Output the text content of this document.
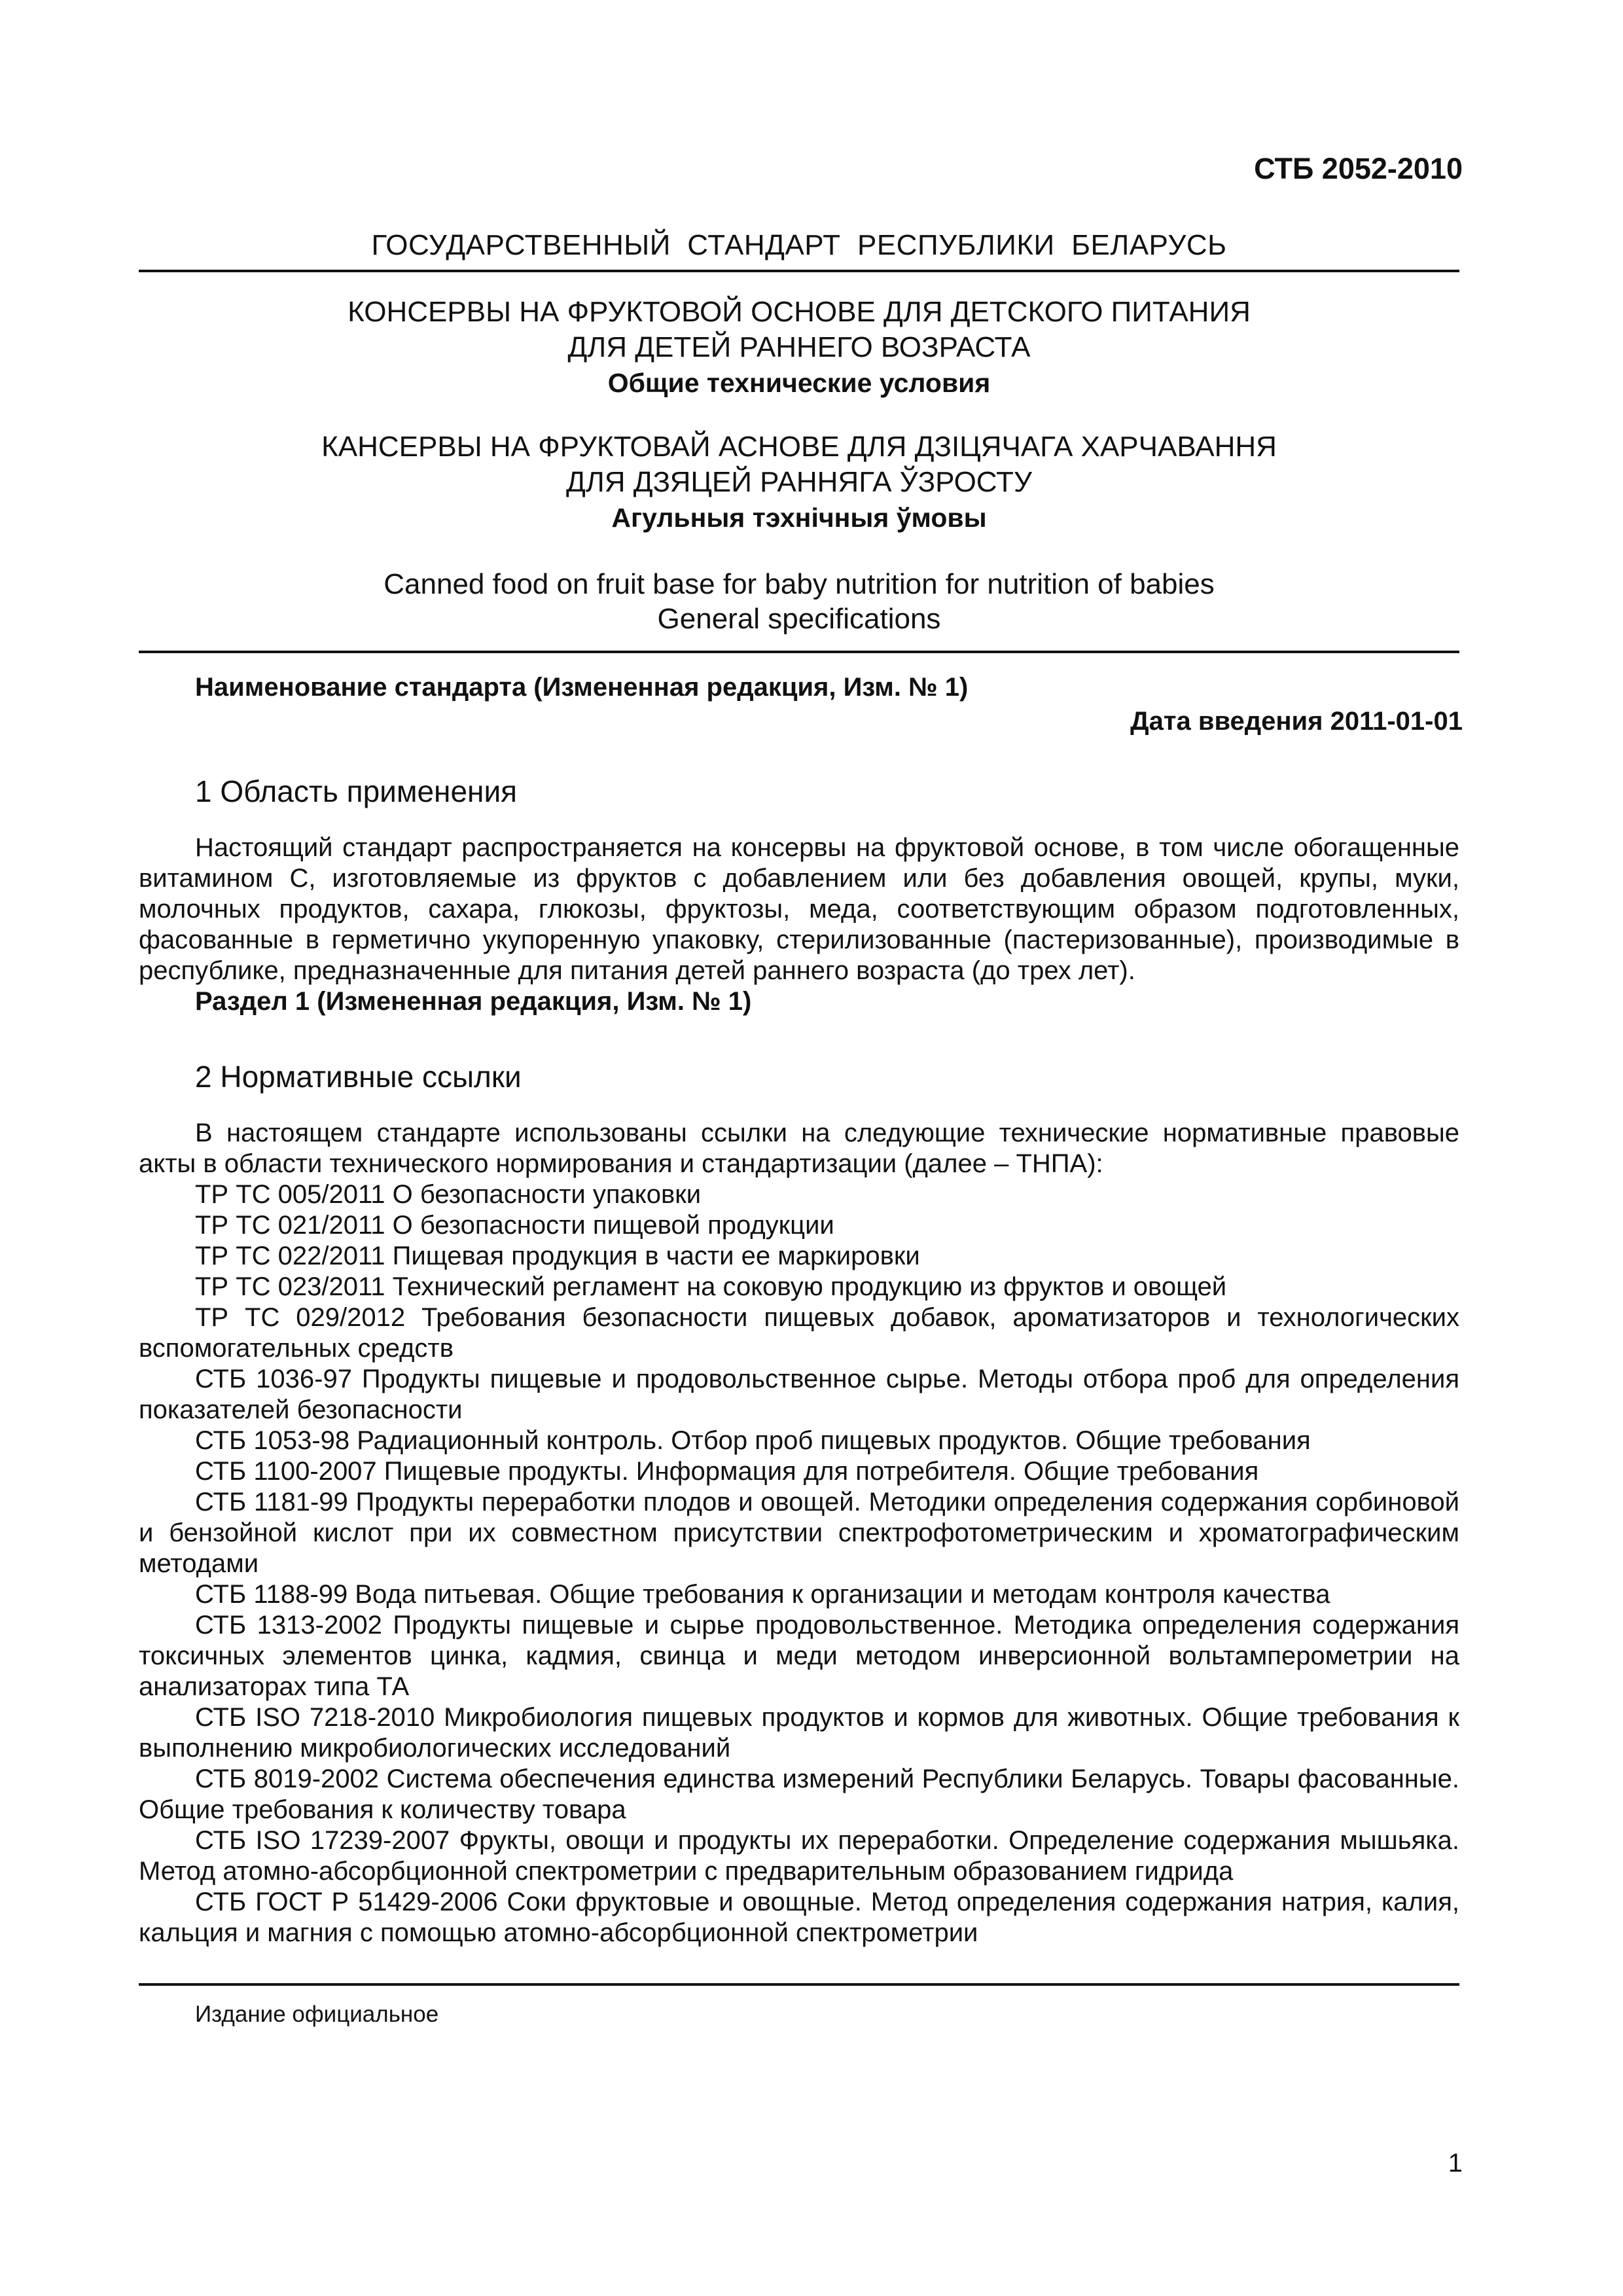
СТБ 2052-2010
ГОСУДАРСТВЕННЫЙ  СТАНДАРТ  РЕСПУБЛИКИ  БЕЛАРУСЬ
КОНСЕРВЫ НА ФРУКТОВОЙ ОСНОВЕ ДЛЯ ДЕТСКОГО ПИТАНИЯ
ДЛЯ ДЕТЕЙ РАННЕГО ВОЗРАСТА
Общие технические условия
КАНСЕРВЫ НА ФРУКТОВАЙ АСНОВЕ ДЛЯ ДЗІЦЯЧАГА ХАРЧАВАННЯ
ДЛЯ ДЗЯЦЕЙ РАННЯГА ЎЗРОСТУ
Агульныя тэхнічныя ўмовы
Canned food on fruit base for baby nutrition for nutrition of babies
General specifications
Наименование стандарта (Измененная редакция, Изм. № 1)
Дата введения 2011-01-01
1 Область применения

Настоящий стандарт распространяется на консервы на фруктовой основе, в том числе обогащенные витамином С, изготовляемые из фруктов с добавлением или без добавления овощей, крупы, муки, молочных продуктов, сахара, глюкозы, фруктозы, меда, соответствующим образом подготовленных, фасованные в герметично укупоренную упаковку, стерилизованные (пастеризованные), производимые в республике, предназначенные для питания детей раннего возраста (до трех лет).

Раздел 1 (Измененная редакция, Изм. № 1)

2 Нормативные ссылки

В настоящем стандарте использованы ссылки на следующие технические нормативные правовые акты в области технического нормирования и стандартизации (далее – ТНПА):

ТР ТС 005/2011 О безопасности упаковки

ТР ТС 021/2011 О безопасности пищевой продукции

ТР ТС 022/2011 Пищевая продукция в части ее маркировки

ТР ТС 023/2011 Технический регламент на соковую продукцию из фруктов и овощей

ТР ТС 029/2012 Требования безопасности пищевых добавок, ароматизаторов и технологических вспомогательных средств

СТБ 1036-97 Продукты пищевые и продовольственное сырье. Методы отбора проб для определения показателей безопасности

СТБ 1053-98 Радиационный контроль. Отбор проб пищевых продуктов. Общие требования

СТБ 1100-2007 Пищевые продукты. Информация для потребителя. Общие требования

СТБ 1181-99 Продукты переработки плодов и овощей. Методики определения содержания сорбиновой и бензойной кислот при их совместном присутствии спектрофотометрическим и хроматографическим методами

СТБ 1188-99 Вода питьевая. Общие требования к организации и методам контроля качества

СТБ 1313-2002 Продукты пищевые и сырье продовольственное. Методика определения содержания токсичных элементов цинка, кадмия, свинца и меди методом инверсионной вольтамперометрии на анализаторах типа ТА

СТБ ISO 7218-2010 Микробиология пищевых продуктов и кормов для животных. Общие требования к выполнению микробиологических исследований

СТБ 8019-2002 Система обеспечения единства измерений Республики Беларусь. Товары фасованные. Общие требования к количеству товара

СТБ ISO 17239-2007 Фрукты, овощи и продукты их переработки. Определение содержания мышьяка. Метод атомно-абсорбционной спектрометрии с предварительным образованием гидрида

СТБ ГОСТ Р 51429-2006 Соки фруктовые и овощные. Метод определения содержания натрия, калия, кальция и магния с помощью атомно-абсорбционной спектрометрии

Издание официальное
1
